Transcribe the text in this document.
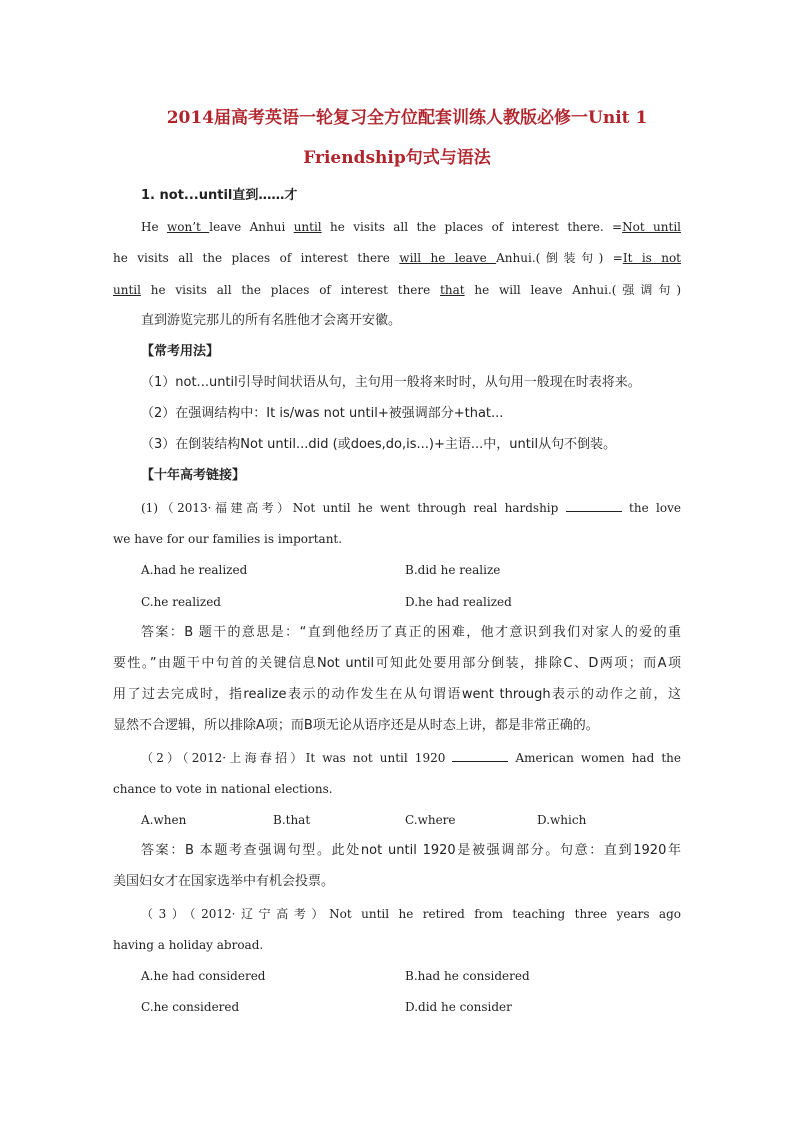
2014届高考英语一轮复习全方位配套训练人教版必修一Unit 1
Friendship句式与语法
1. not...until直到……才
He won’t leave Anhui until he visits all the places of interest there. =Not until
he visits all the places of interest there will he leave Anhui.(倒装句) =It is not
until he visits all the places of interest there that he will leave Anhui.(强调句)
直到游览完那儿的所有名胜他才会离开安徽。
【常考用法】
（1）not...until引导时间状语从句，主句用一般将来时时，从句用一般现在时表将来。
（2）在强调结构中：It is/was not until+被强调部分+that...
（3）在倒装结构Not until...did (或does,do,is...)+主语...中，until从句不倒装。
【十年高考链接】
(1)（2013·福建高考）Not until he went through real hardship	the love
we have for our families is important.
A.had he realized	B.did he realize
C.he realized	D.he had realized
答案：B 题干的意思是：“直到他经历了真正的困难，他才意识到我们对家人的爱的重
要性。”由题干中句首的关键信息Not until可知此处要用部分倒装，排除C、D两项；而A项
用了过去完成时，指realize表示的动作发生在从句谓语went through表示的动作之前，这
显然不合逻辑，所以排除A项；而B项无论从语序还是从时态上讲，都是非常正确的。
（2）（2012·上海春招）It was not until 1920	American women had the
chance to vote in national elections.
A.when	B.that	C.where	D.which
答案：B 本题考查强调句型。此处not until 1920是被强调部分。句意：直到1920年
美国妇女才在国家选举中有机会投票。
（3）（2012·辽宁高考）Not until he retired from teaching three years ago
having a holiday abroad.
A.he had considered	B.had he considered
C.he considered	D.did he consider
